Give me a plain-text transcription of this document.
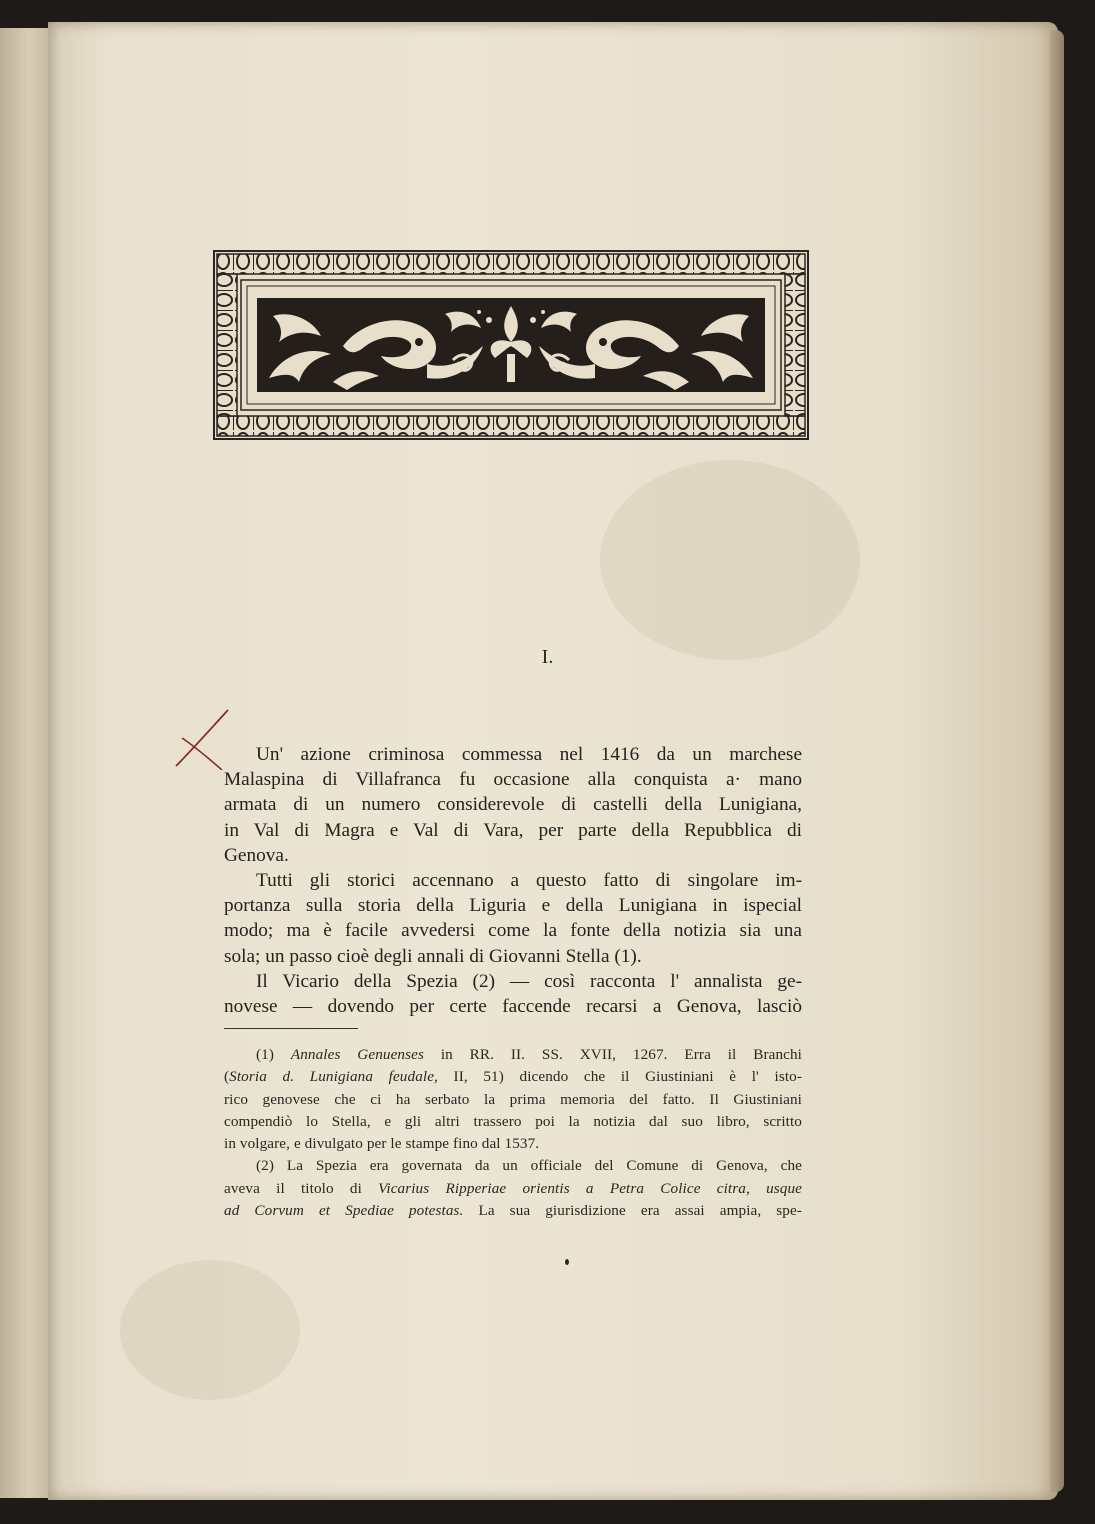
I.
Un' azione criminosa commessa nel 1416 da un marchese
Malaspina di Villafranca fu occasione alla conquista a· mano
armata di un numero considerevole di castelli della Lunigiana,
in Val di Magra e Val di Vara, per parte della Repubblica di
Genova.
Tutti gli storici accennano a questo fatto di singolare im-
portanza sulla storia della Liguria e della Lunigiana in ispecial
modo; ma è facile avvedersi come la fonte della notizia sia una
sola; un passo cioè degli annali di Giovanni Stella (1).
Il Vicario della Spezia (2) — così racconta l' annalista ge-
novese — dovendo per certe faccende recarsi a Genova, lasciò
(1) Annales Genuenses in RR. II. SS. XVII, 1267. Erra il Branchi
(Storia d. Lunigiana feudale, II, 51) dicendo che il Giustiniani è l' isto-
rico genovese che ci ha serbato la prima memoria del fatto. Il Giustiniani
compendiò lo Stella, e gli altri trassero poi la notizia dal suo libro, scritto
in volgare, e divulgato per le stampe fino dal 1537.
(2) La Spezia era governata da un officiale del Comune di Genova, che
aveva il titolo di Vicarius Ripperiae orientis a Petra Colice citra, usque
ad Corvum et Spediae potestas. La sua giurisdizione era assai ampia, spe-
